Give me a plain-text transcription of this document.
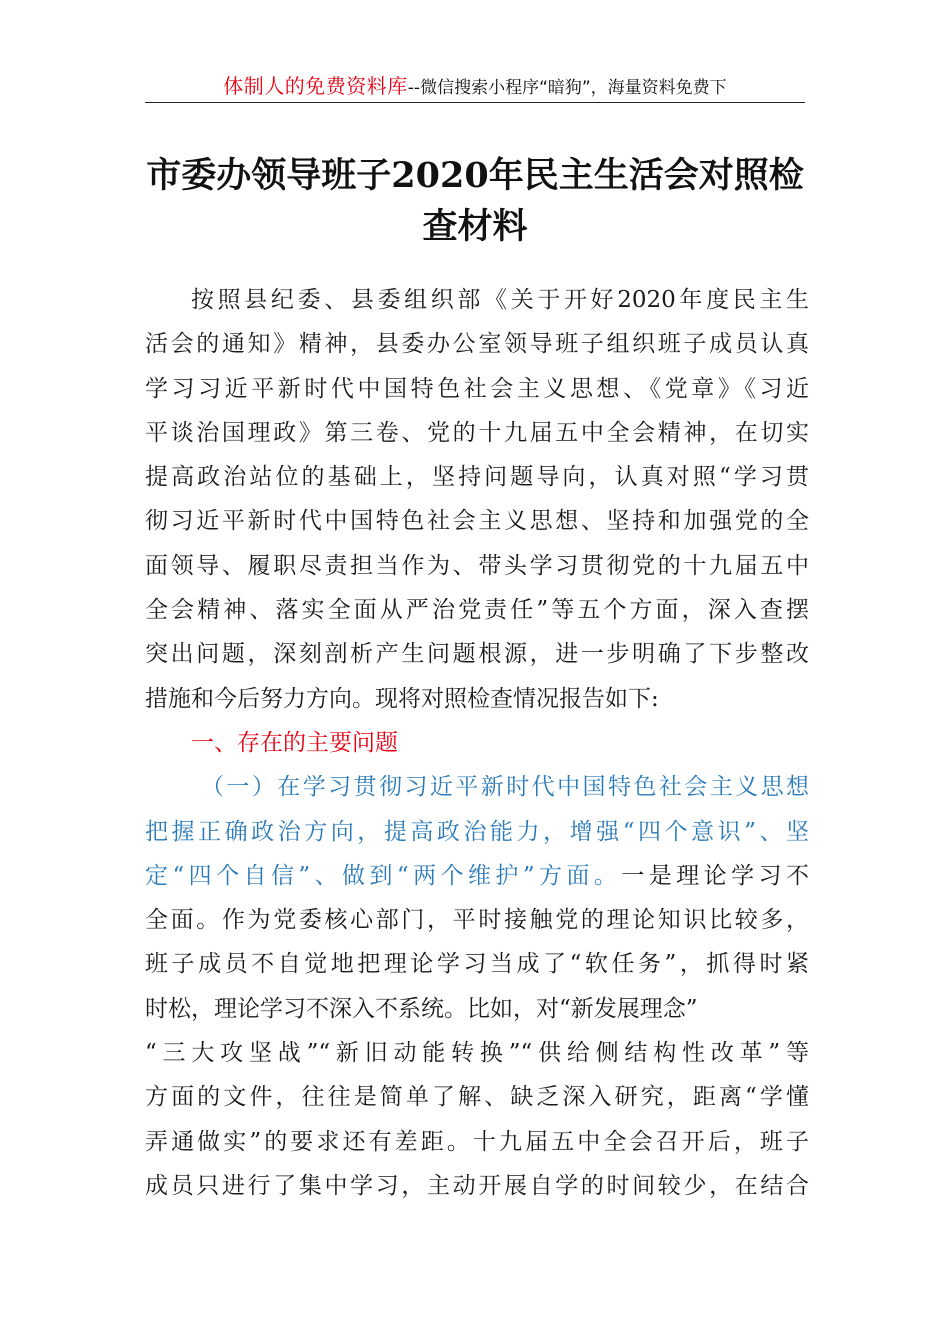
体制人的免费资料库--微信搜索小程序“暗狗”，海量资料免费下
市委办领导班子2020年民主生活会对照检
查材料
按照县纪委、县委组织部《关于开好2020年度民主生
活会的通知》精神，县委办公室领导班子组织班子成员认真
学习习近平新时代中国特色社会主义思想、《党章》《习近
平谈治国理政》第三卷、党的十九届五中全会精神，在切实
提高政治站位的基础上，坚持问题导向，认真对照“学习贯
彻习近平新时代中国特色社会主义思想、坚持和加强党的全
面领导、履职尽责担当作为、带头学习贯彻党的十九届五中
全会精神、落实全面从严治党责任”等五个方面，深入查摆
突出问题，深刻剖析产生问题根源，进一步明确了下步整改
措施和今后努力方向。现将对照检查情况报告如下:
一、存在的主要问题
（一）在学习贯彻习近平新时代中国特色社会主义思想
把握正确政治方向，提高政治能力，增强“四个意识”、坚
定“四个自信”、做到“两个维护”方面。一是理论学习不
全面。作为党委核心部门，平时接触党的理论知识比较多，
班子成员不自觉地把理论学习当成了“软任务”，抓得时紧
时松，理论学习不深入不系统。比如，对“新发展理念”
“三大攻坚战”“新旧动能转换”“供给侧结构性改革”等
方面的文件，往往是简单了解、缺乏深入研究，距离“学懂
弄通做实”的要求还有差距。十九届五中全会召开后，班子
成员只进行了集中学习，主动开展自学的时间较少，在结合
